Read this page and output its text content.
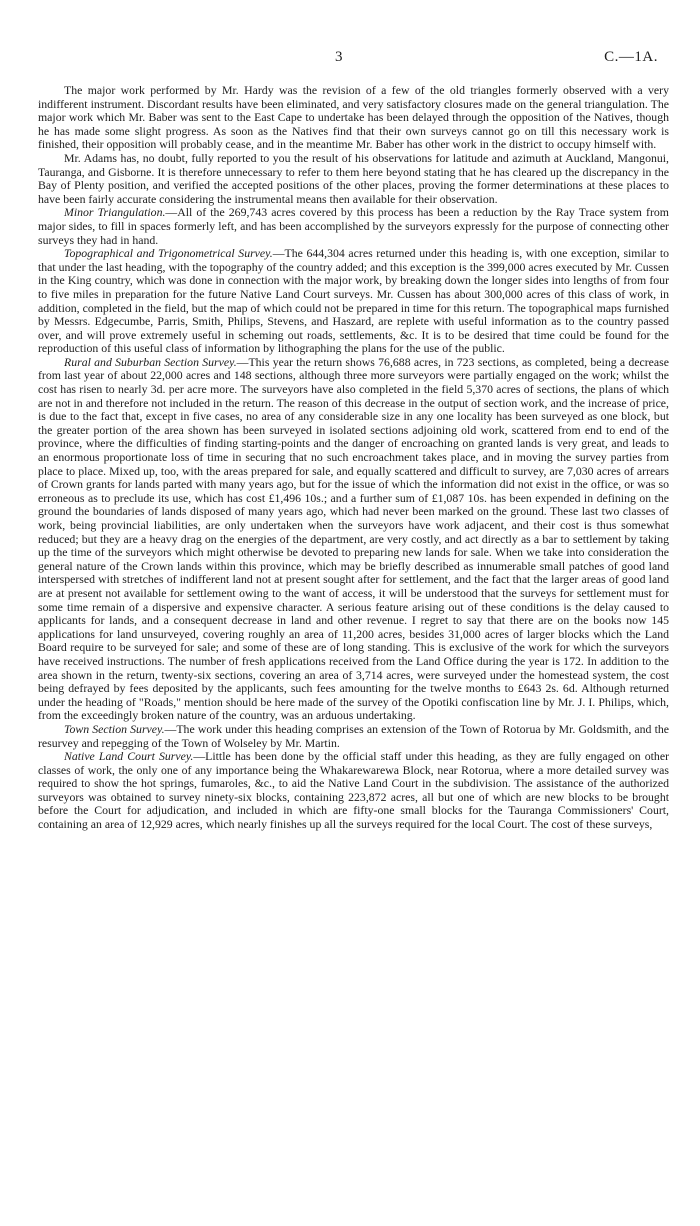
3	C.—1A.

The major work performed by Mr. Hardy was the revision of a few of the old triangles formerly observed with a very indifferent instrument. Discordant results have been eliminated, and very satisfactory closures made on the general triangulation. The major work which Mr. Baber was sent to the East Cape to undertake has been delayed through the opposition of the Natives, though he has made some slight progress. As soon as the Natives find that their own surveys cannot go on till this necessary work is finished, their opposition will probably cease, and in the meantime Mr. Baber has other work in the district to occupy himself with.

Mr. Adams has, no doubt, fully reported to you the result of his observations for latitude and azimuth at Auckland, Mangonui, Tauranga, and Gisborne. It is therefore unnecessary to refer to them here beyond stating that he has cleared up the discrepancy in the Bay of Plenty position, and verified the accepted positions of the other places, proving the former determinations at these places to have been fairly accurate considering the instrumental means then available for their observation.

Minor Triangulation.—All of the 269,743 acres covered by this process has been a reduction by the Ray Trace system from major sides, to fill in spaces formerly left, and has been accomplished by the surveyors expressly for the purpose of connecting other surveys they had in hand.

Topographical and Trigonometrical Survey.—The 644,304 acres returned under this heading is, with one exception, similar to that under the last heading, with the topography of the country added; and this exception is the 399,000 acres executed by Mr. Cussen in the King country, which was done in connection with the major work, by breaking down the longer sides into lengths of from four to five miles in preparation for the future Native Land Court surveys. Mr. Cussen has about 300,000 acres of this class of work, in addition, completed in the field, but the map of which could not be prepared in time for this return. The topographical maps furnished by Messrs. Edgecumbe, Parris, Smith, Philips, Stevens, and Haszard, are replete with useful information as to the country passed over, and will prove extremely useful in scheming out roads, settlements, &c. It is to be desired that time could be found for the reproduction of this useful class of information by lithographing the plans for the use of the public.

Rural and Suburban Section Survey.—This year the return shows 76,688 acres, in 723 sections, as completed, being a decrease from last year of about 22,000 acres and 148 sections, although three more surveyors were partially engaged on the work; whilst the cost has risen to nearly 3d. per acre more. The surveyors have also completed in the field 5,370 acres of sections, the plans of which are not in and therefore not included in the return. The reason of this decrease in the output of section work, and the increase of price, is due to the fact that, except in five cases, no area of any considerable size in any one locality has been surveyed as one block, but the greater portion of the area shown has been surveyed in isolated sections adjoining old work, scattered from end to end of the province, where the difficulties of finding starting-points and the danger of encroaching on granted lands is very great, and leads to an enormous proportionate loss of time in securing that no such encroachment takes place, and in moving the survey parties from place to place. Mixed up, too, with the areas prepared for sale, and equally scattered and difficult to survey, are 7,030 acres of arrears of Crown grants for lands parted with many years ago, but for the issue of which the information did not exist in the office, or was so erroneous as to preclude its use, which has cost £1,496 10s.; and a further sum of £1,087 10s. has been expended in defining on the ground the boundaries of lands disposed of many years ago, which had never been marked on the ground. These last two classes of work, being provincial liabilities, are only undertaken when the surveyors have work adjacent, and their cost is thus somewhat reduced; but they are a heavy drag on the energies of the department, are very costly, and act directly as a bar to settlement by taking up the time of the surveyors which might otherwise be devoted to preparing new lands for sale. When we take into consideration the general nature of the Crown lands within this province, which may be briefly described as innumerable small patches of good land interspersed with stretches of indifferent land not at present sought after for settlement, and the fact that the larger areas of good land are at present not available for settlement owing to the want of access, it will be understood that the surveys for settlement must for some time remain of a dispersive and expensive character. A serious feature arising out of these conditions is the delay caused to applicants for lands, and a consequent decrease in land and other revenue. I regret to say that there are on the books now 145 applications for land unsurveyed, covering roughly an area of 11,200 acres, besides 31,000 acres of larger blocks which the Land Board require to be surveyed for sale; and some of these are of long standing. This is exclusive of the work for which the surveyors have received instructions. The number of fresh applications received from the Land Office during the year is 172. In addition to the area shown in the return, twenty-six sections, covering an area of 3,714 acres, were surveyed under the homestead system, the cost being defrayed by fees deposited by the applicants, such fees amounting for the twelve months to £643 2s. 6d. Although returned under the heading of "Roads," mention should be here made of the survey of the Opotiki confiscation line by Mr. J. I. Philips, which, from the exceedingly broken nature of the country, was an arduous undertaking.

Town Section Survey.—The work under this heading comprises an extension of the Town of Rotorua by Mr. Goldsmith, and the resurvey and repegging of the Town of Wolseley by Mr. Martin.

Native Land Court Survey.—Little has been done by the official staff under this heading, as they are fully engaged on other classes of work, the only one of any importance being the Whakarewarewa Block, near Rotorua, where a more detailed survey was required to show the hot springs, fumaroles, &c., to aid the Native Land Court in the subdivision. The assistance of the authorized surveyors was obtained to survey ninety-six blocks, containing 223,872 acres, all but one of which are new blocks to be brought before the Court for adjudication, and included in which are fifty-one small blocks for the Tauranga Commissioners' Court, containing an area of 12,929 acres, which nearly finishes up all the surveys required for the local Court. The cost of these surveys,
